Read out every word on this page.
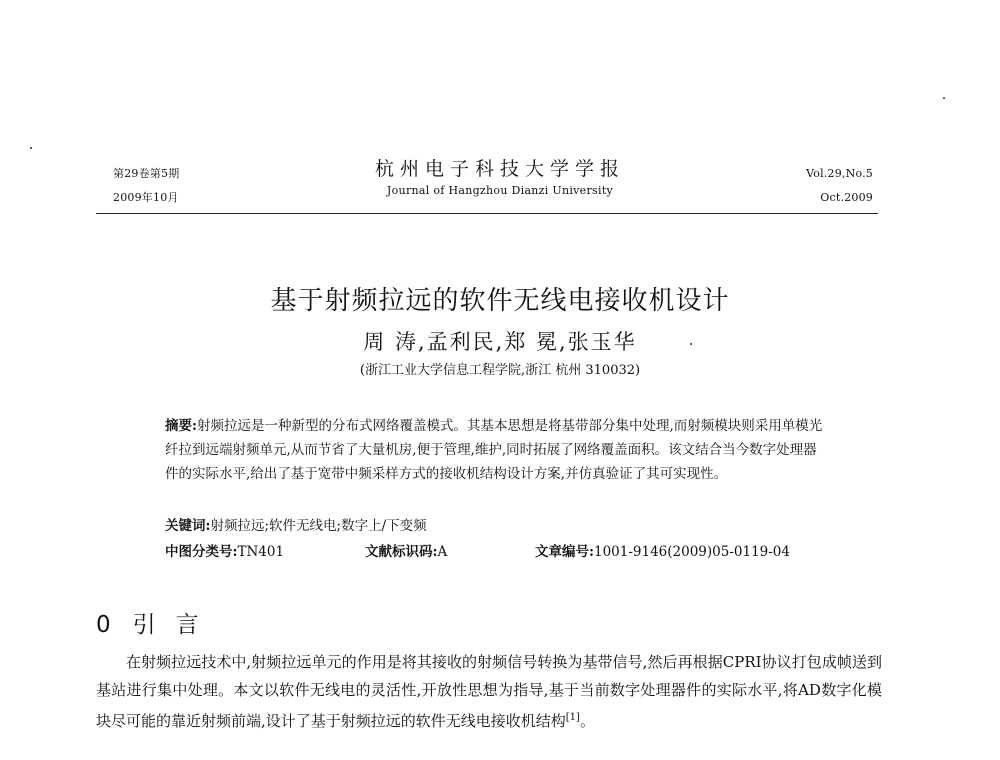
第29卷第5期
2009年10月
杭州电子科技大学学报
Journal of Hangzhou Dianzi University
Vol.29,No.5
Oct.2009
基于射频拉远的软件无线电接收机设计
周 涛,孟利民,郑 冕,张玉华
(浙江工业大学信息工程学院,浙江 杭州 310032)
摘要:射频拉远是一种新型的分布式网络覆盖模式。其基本思想是将基带部分集中处理,而射频模块则采用单模光纤拉到远端射频单元,从而节省了大量机房,便于管理,维护,同时拓展了网络覆盖面积。该文结合当今数字处理器件的实际水平,给出了基于宽带中频采样方式的接收机结构设计方案,并仿真验证了其可实现性。
关键词:射频拉远;软件无线电;数字上/下变频
中图分类号:TN401	文献标识码:A	文章编号:1001-9146(2009)05-0119-04
0 引言

在射频拉远技术中,射频拉远单元的作用是将其接收的射频信号转换为基带信号,然后再根据CPRI协议打包成帧送到基站进行集中处理。本文以软件无线电的灵活性,开放性思想为指导,基于当前数字处理器件的实际水平,将AD数字化模块尽可能的靠近射频前端,设计了基于射频拉远的软件无线电接收机结构[1]。
